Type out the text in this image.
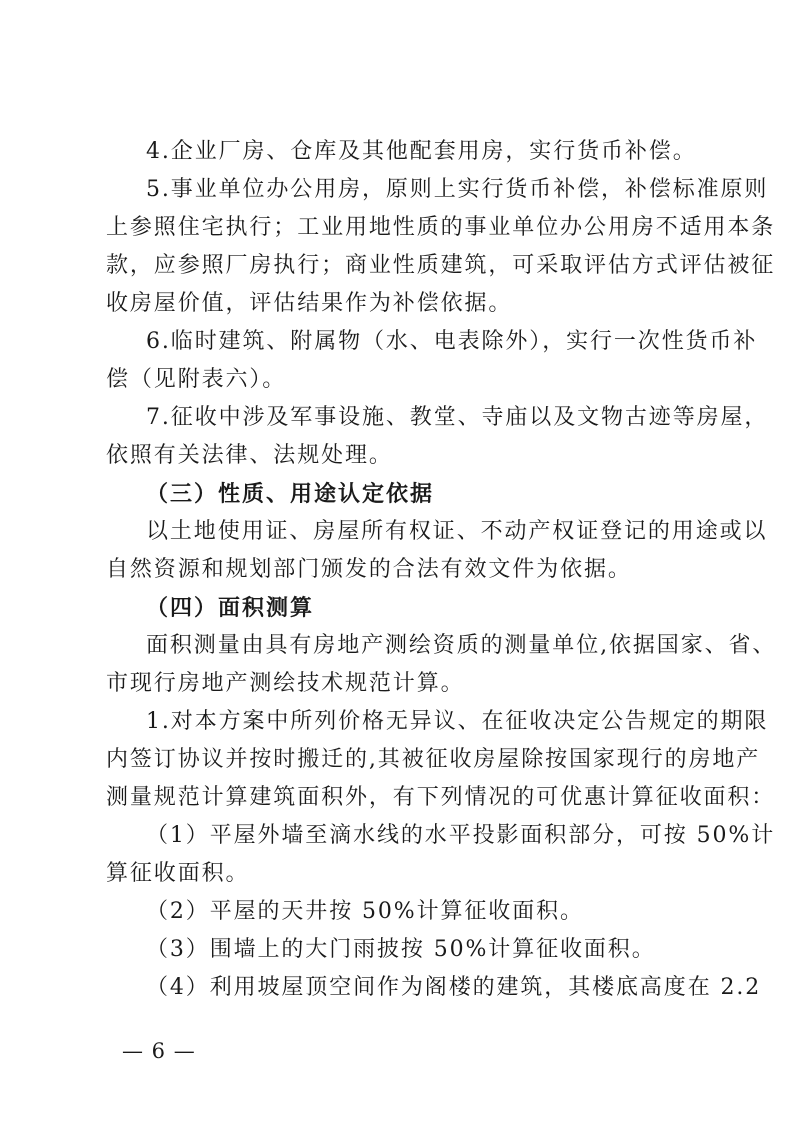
4.企业厂房、仓库及其他配套用房，实行货币补偿。
5.事业单位办公用房，原则上实行货币补偿，补偿标准原则
上参照住宅执行；工业用地性质的事业单位办公用房不适用本条
款，应参照厂房执行；商业性质建筑，可采取评估方式评估被征
收房屋价值，评估结果作为补偿依据。
6.临时建筑、附属物（水、电表除外），实行一次性货币补
偿（见附表六）。
7.征收中涉及军事设施、教堂、寺庙以及文物古迹等房屋，
依照有关法律、法规处理。
（三）性质、用途认定依据
以土地使用证、房屋所有权证、不动产权证登记的用途或以
自然资源和规划部门颁发的合法有效文件为依据。
（四）面积测算
面积测量由具有房地产测绘资质的测量单位,依据国家、省、
市现行房地产测绘技术规范计算。
1.对本方案中所列价格无异议、在征收决定公告规定的期限
内签订协议并按时搬迁的,其被征收房屋除按国家现行的房地产
测量规范计算建筑面积外，有下列情况的可优惠计算征收面积：
（1）平屋外墙至滴水线的水平投影面积部分，可按 50%计
算征收面积。
（2）平屋的天井按 50%计算征收面积。
（3）围墙上的大门雨披按 50%计算征收面积。
（4）利用坡屋顶空间作为阁楼的建筑，其楼底高度在 2.2
— 6 —
